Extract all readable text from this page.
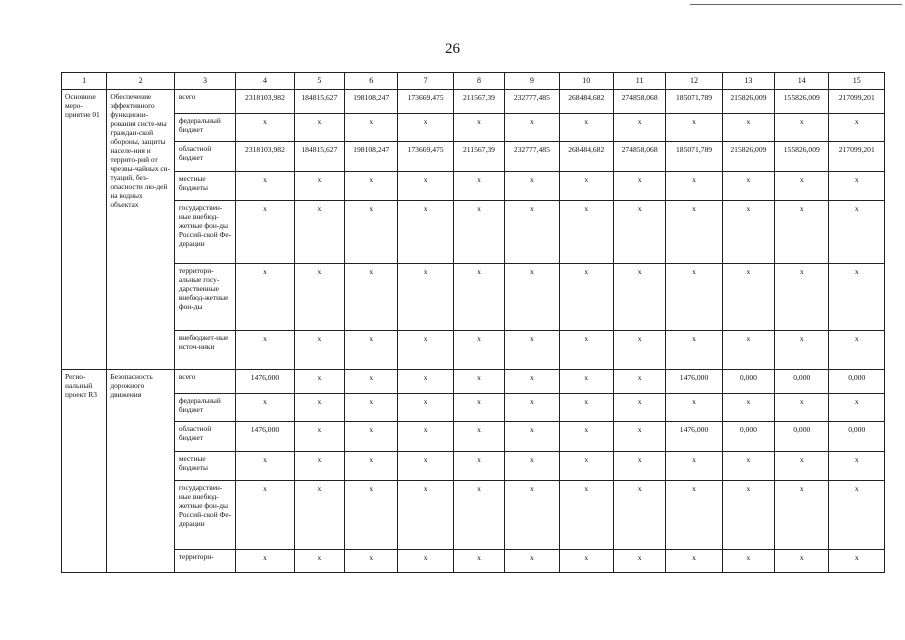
26
1	2	3	4	5	6	7	8	9	10	11	12	13	14	15
Основное меро-приятие 01	Обеспечение эффективного функциони-рования систе-мы граждан-ской обороны, защиты населе-ния и террито-рий от чрезвы-чайных си-туаций, без-опасности лю-дей на водных объектах	всего	2318103,982	184815,627	198108,247	173669,475	211567,39	232777,485	268484,682	274858,068	185071,789	215826,009	155826,009	217099,201
		федеральный бюджет	x	x	x	x	x	x	x	x	x	x	x	x
		областной бюджет	2318103,982	184815,627	198108,247	173669,475	211567,39	232777,485	268484,682	274858,068	185071,789	215826,009	155826,009	217099,201
		местные бюджеты	x	x	x	x	x	x	x	x	x	x	x	x
		государствен-ные внебюд-жетные фон-ды Россий-ской Фе-дерации	x	x	x	x	x	x	x	x	x	x	x	x
		территори-альные госу-дарственные внебюд-жетные фон-ды	x	x	x	x	x	x	x	x	x	x	x	x
		внебюджет-ные источ-ники	x	x	x	x	x	x	x	x	x	x	x	x
Регио-нальный проект R3	Безопасность дорожного движения	всего	1476,000	x	x	x	x	x	x	x	1476,000	0,000	0,000	0,000
		федеральный бюджет	x	x	x	x	x	x	x	x	x	x	x	x
		областной бюджет	1476,000	x	x	x	x	x	x	x	1476,000	0,000	0,000	0,000
		местные бюджеты	x	x	x	x	x	x	x	x	x	x	x	x
		государствен-ные внебюд-жетные фон-ды Россий-ской Фе-дерации	x	x	x	x	x	x	x	x	x	x	x	x
		территори-	x	x	x	x	x	x	x	x	x	x	x	x
